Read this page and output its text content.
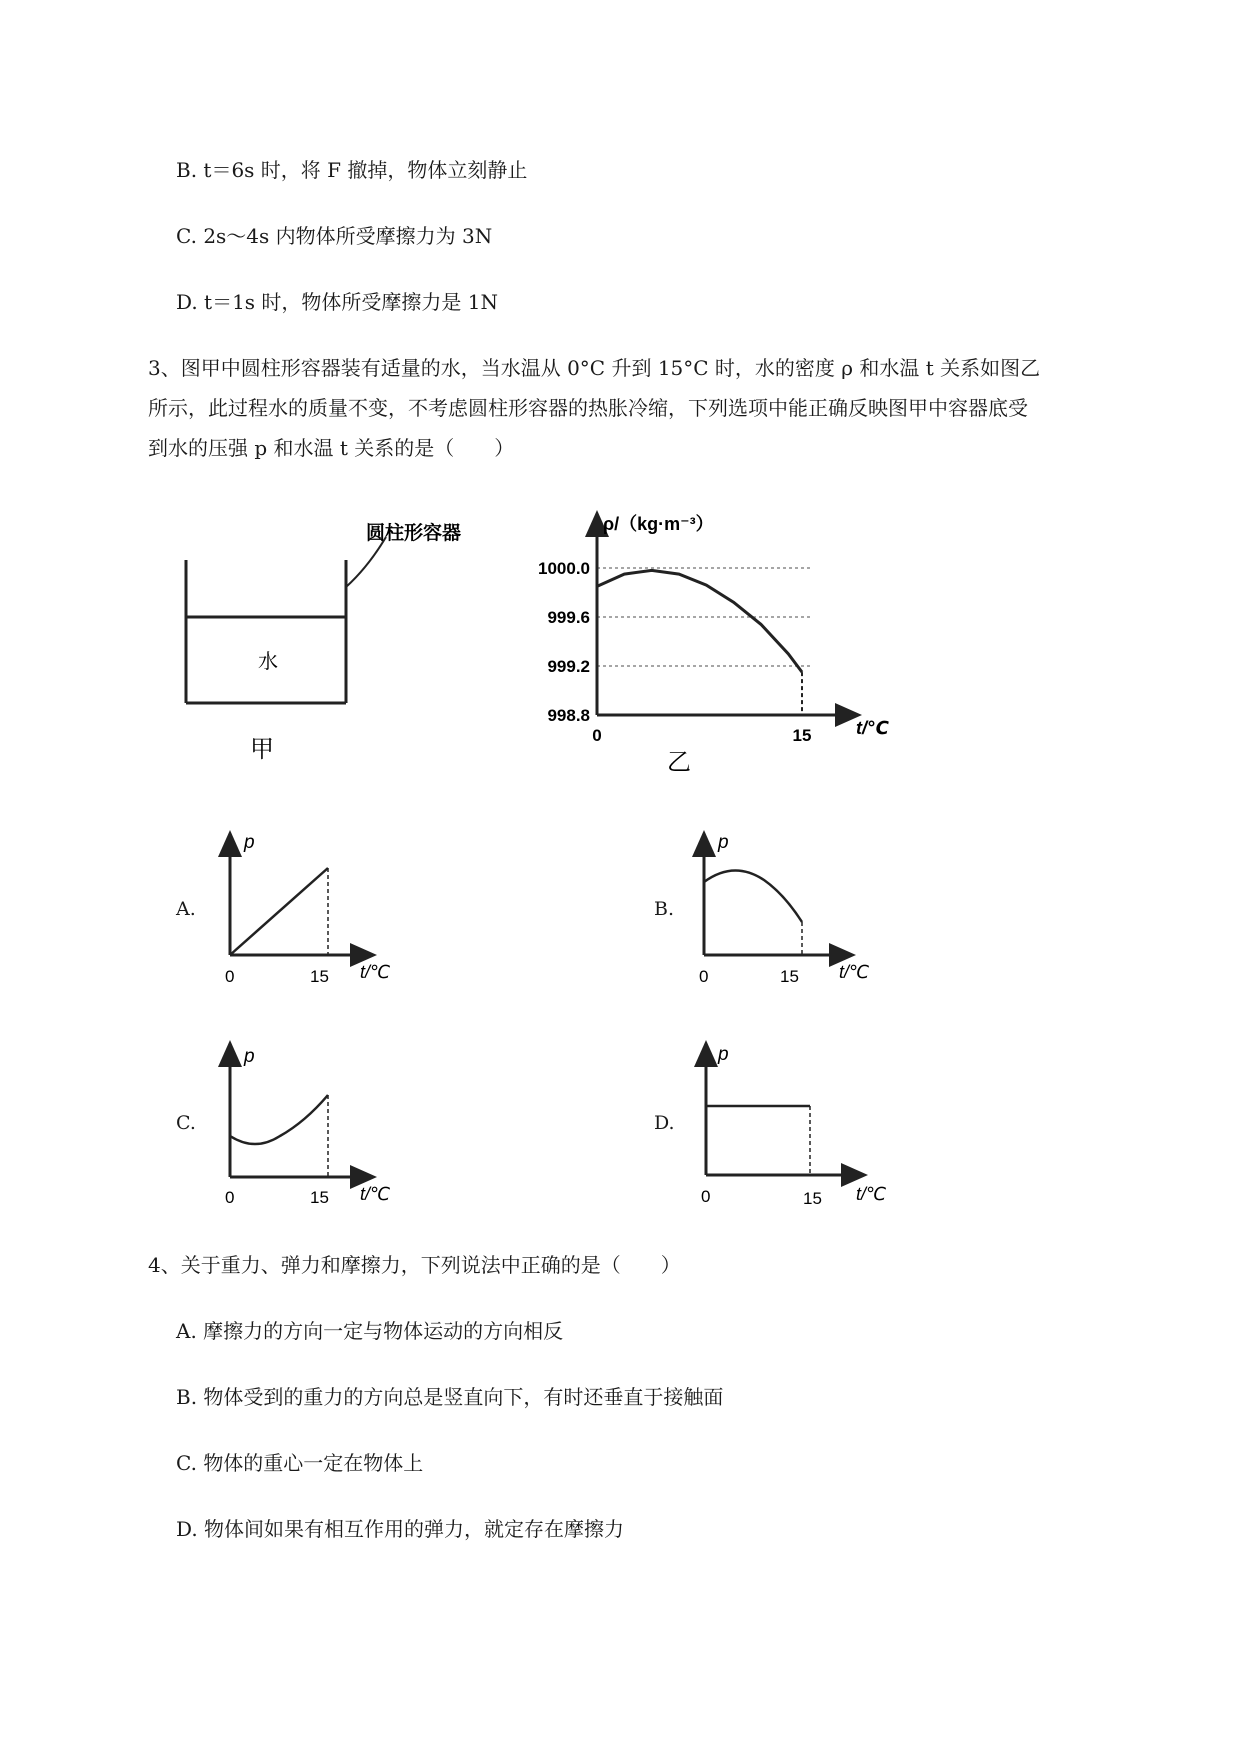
B. t＝6s 时，将 F 撤掉，物体立刻静止
C. 2s～4s 内物体所受摩擦力为 3N
D. t＝1s 时，物体所受摩擦力是 1N
3、图甲中圆柱形容器装有适量的水，当水温从 0°C 升到 15°C 时，水的密度 ρ 和水温 t 关系如图乙
所示，此过程水的质量不变，不考虑圆柱形容器的热胀冷缩，下列选项中能正确反映图甲中容器底受
到水的压强 p 和水温 t 关系的是（　　）
圆柱形容器
水
甲
ρ/（kg·m⁻³）
t/℃
998.8
999.2
999.6
1000.0
0	15
乙
A.
p
t/℃
0	15
B.
p
t/℃
0	15
C.
p
t/℃
0	15
D.
p
t/℃
0	15
4、关于重力、弹力和摩擦力，下列说法中正确的是（　　）
A. 摩擦力的方向一定与物体运动的方向相反
B. 物体受到的重力的方向总是竖直向下，有时还垂直于接触面
C. 物体的重心一定在物体上
D. 物体间如果有相互作用的弹力，就定存在摩擦力
